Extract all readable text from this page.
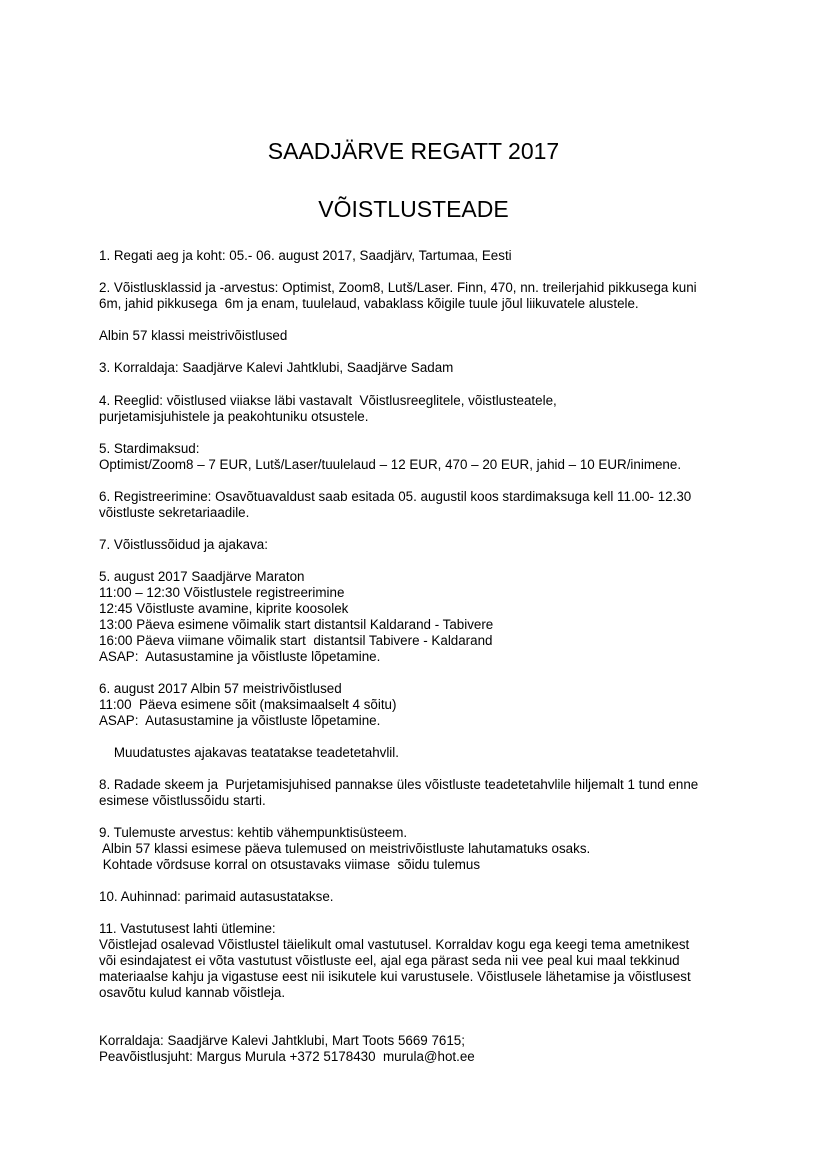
SAADJÄRVE REGATT 2017
VÕISTLUSTEADE

1. Regati aeg ja koht: 05.- 06. august 2017, Saadjärv, Tartumaa, Eesti

2. Võistlusklassid ja -arvestus: Optimist, Zoom8, Lutš/Laser. Finn, 470, nn. treilerjahid pikkusega kuni

6m, jahid pikkusega  6m ja enam, tuulelaud, vabaklass kõigile tuule jõul liikuvatele alustele.

Albin 57 klassi meistrivõistlused

3. Korraldaja: Saadjärve Kalevi Jahtklubi, Saadjärve Sadam

4. Reeglid: võistlused viiakse läbi vastavalt  Võistlusreeglitele, võistlusteatele,

purjetamisjuhistele ja peakohtuniku otsustele.

5. Stardimaksud:

Optimist/Zoom8 – 7 EUR, Lutš/Laser/tuulelaud – 12 EUR, 470 – 20 EUR, jahid – 10 EUR/inimene.

6. Registreerimine: Osavõtuavaldust saab esitada 05. augustil koos stardimaksuga kell 11.00- 12.30

võistluste sekretariaadile.

7. Võistlussõidud ja ajakava:

5. august 2017 Saadjärve Maraton

11:00 – 12:30 Võistlustele registreerimine

12:45 Võistluste avamine, kiprite koosolek

13:00 Päeva esimene võimalik start distantsil Kaldarand - Tabivere

16:00 Päeva viimane võimalik start  distantsil Tabivere - Kaldarand

ASAP:  Autasustamine ja võistluste lõpetamine.

6. august 2017 Albin 57 meistrivõistlused

11:00  Päeva esimene sõit (maksimaalselt 4 sõitu)

ASAP:  Autasustamine ja võistluste lõpetamine.

Muudatustes ajakavas teatatakse teadetetahvlil.

8. Radade skeem ja  Purjetamisjuhised pannakse üles võistluste teadetetahvlile hiljemalt 1 tund enne

esimese võistlussõidu starti.

9. Tulemuste arvestus: kehtib vähempunktisüsteem.

Albin 57 klassi esimese päeva tulemused on meistrivõistluste lahutamatuks osaks.

Kohtade võrdsuse korral on otsustavaks viimase  sõidu tulemus

10. Auhinnad: parimaid autasustatakse.

11. Vastutusest lahti ütlemine:

Võistlejad osalevad Võistlustel täielikult omal vastutusel. Korraldav kogu ega keegi tema ametnikest

või esindajatest ei võta vastutust võistluste eel, ajal ega pärast seda nii vee peal kui maal tekkinud

materiaalse kahju ja vigastuse eest nii isikutele kui varustusele. Võistlusele lähetamise ja võistlusest

osavõtu kulud kannab võistleja.

Korraldaja: Saadjärve Kalevi Jahtklubi, Mart Toots 5669 7615;

Peavõistlusjuht: Margus Murula +372 5178430  murula@hot.ee
